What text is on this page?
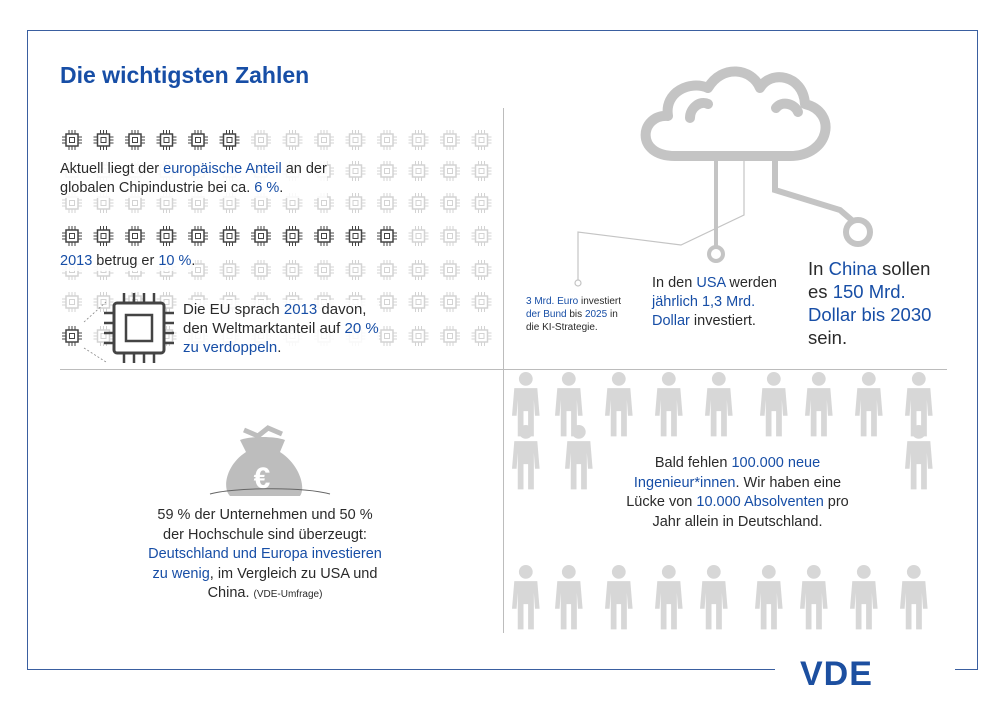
Die wichtigsten Zahlen
€
Aktuell liegt der europäische Anteil an der
globalen Chipindustrie bei ca. 6 %.
2013 betrug er 10 %.
Die EU sprach 2013 davon,
den Weltmarktanteil auf 20 %
zu verdoppeln.
3 Mrd. Euro investiert
der Bund bis 2025 in
die KI-Strategie.
In den USA werden
jährlich 1,3 Mrd.
Dollar investiert.
In China sollen
es 150 Mrd.
Dollar bis 2030
sein.
59 % der Unternehmen und 50 %
der Hochschule sind überzeugt:
Deutschland und Europa investieren
zu wenig, im Vergleich zu USA und
China. (VDE-Umfrage)
Bald fehlen 100.000 neue
Ingenieur*innen. Wir haben eine
Lücke von 10.000 Absolventen pro
Jahr allein in Deutschland.
VDE
